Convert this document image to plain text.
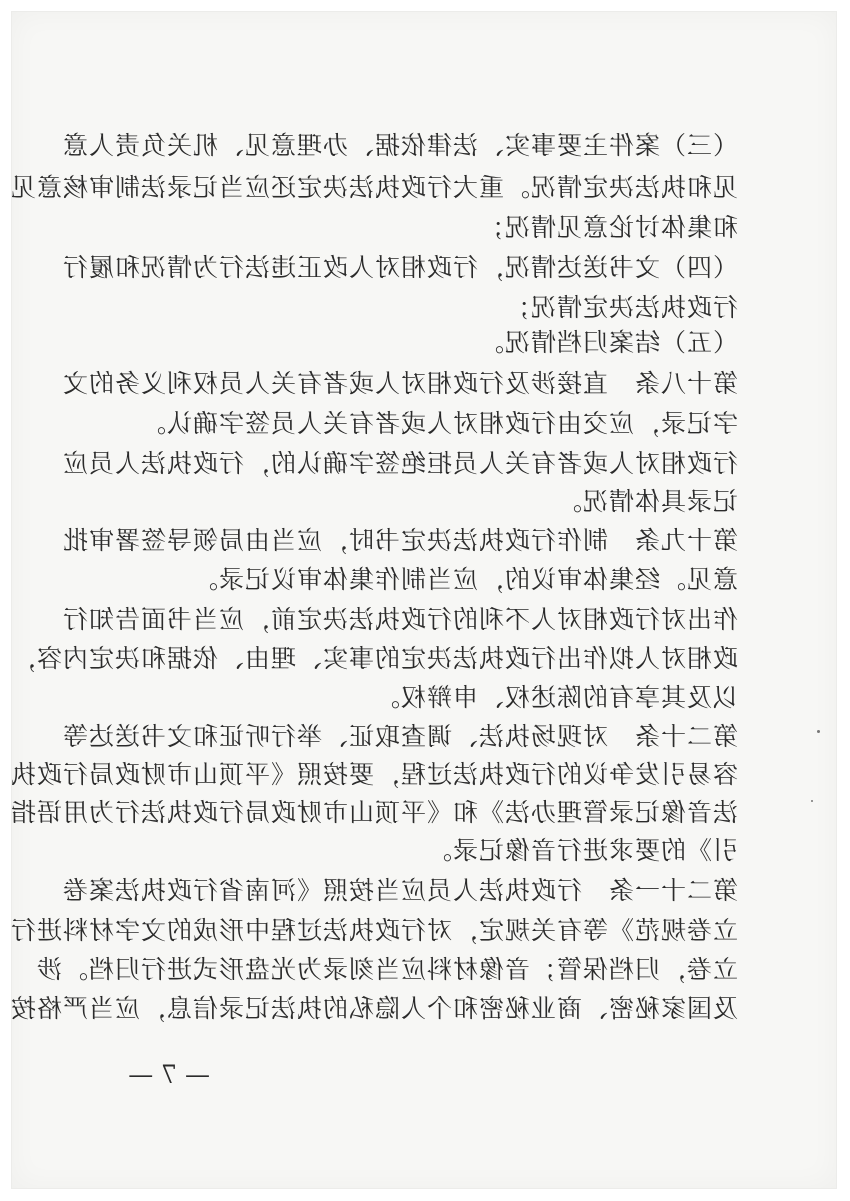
（三）案件主要事实、法律依据、办理意见、机关负责人意
见和执法决定情况。重大行政执法决定还应当记录法制审核意见
和集体讨论意见情况；
（四）文书送达情况，行政相对人改正违法行为情况和履行
行政执法决定情况；
（五）结案归档情况。
第十八条　直接涉及行政相对人或者有关人员权利义务的文
字记录，应交由行政相对人或者有关人员签字确认。
行政相对人或者有关人员拒绝签字确认的，行政执法人员应
记录具体情况。
第十九条　制作行政执法决定书时，应当由局领导签署审批
意见。经集体审议的，应当制作集体审议记录。
作出对行政相对人不利的行政执法决定前，应当书面告知行
政相对人拟作出行政执法决定的事实、理由、依据和决定内容，
以及其享有的陈述权、申辩权。
第二十条　对现场执法、调查取证、举行听证和文书送达等
容易引发争议的行政执法过程，要按照《平顶山市财政局行政执
法音像记录管理办法》和《平顶山市财政局行政执法行为用语指
引》的要求进行音像记录。
第二十一条　行政执法人员应当按照《河南省行政执法案卷
立卷规范》等有关规定，对行政执法过程中形成的文字材料进行
立卷，归档保管；音像材料应当刻录为光盘形式进行归档。涉
及国家秘密、商业秘密和个人隐私的执法记录信息，应当严格按
— 7 —
